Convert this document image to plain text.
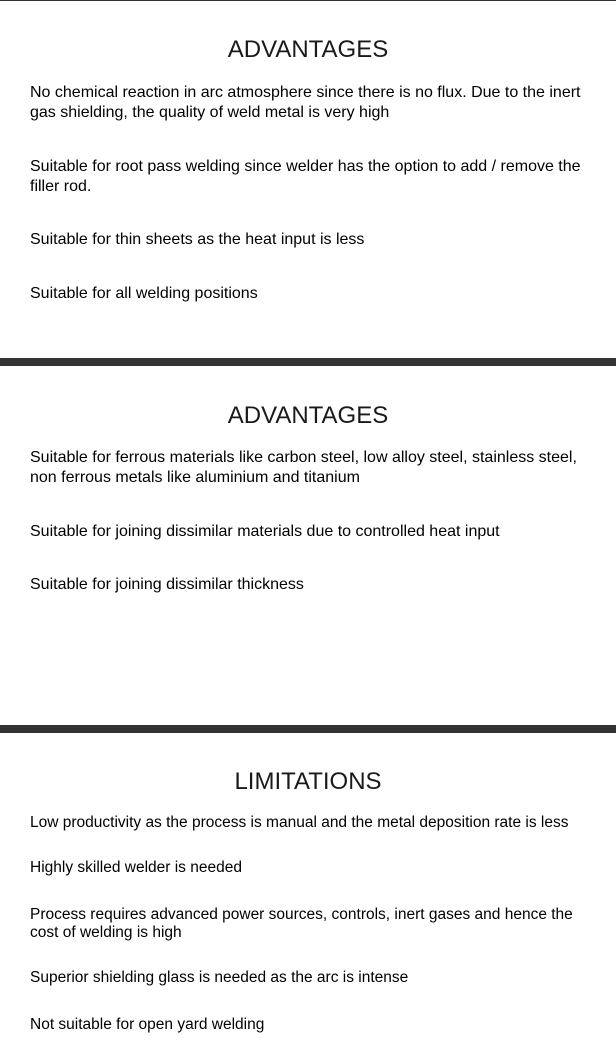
ADVANTAGES

No chemical reaction in arc atmosphere since there is no flux. Due to the inert gas shielding, the quality of weld metal is very high

Suitable for root pass welding since welder has the option to add / remove the filler rod.

Suitable for thin sheets as the heat input is less

Suitable for all welding positions

ADVANTAGES

Suitable for ferrous materials like carbon steel, low alloy steel, stainless steel, non ferrous metals like aluminium and titanium

Suitable for joining dissimilar materials due to controlled heat input

Suitable for joining dissimilar thickness

LIMITATIONS

Low productivity as the process is manual and the metal deposition rate is less

Highly skilled welder is needed

Process requires advanced power sources, controls, inert gases and hence the cost of welding is high

Superior shielding glass is needed as the arc is intense

Not suitable for open yard welding
